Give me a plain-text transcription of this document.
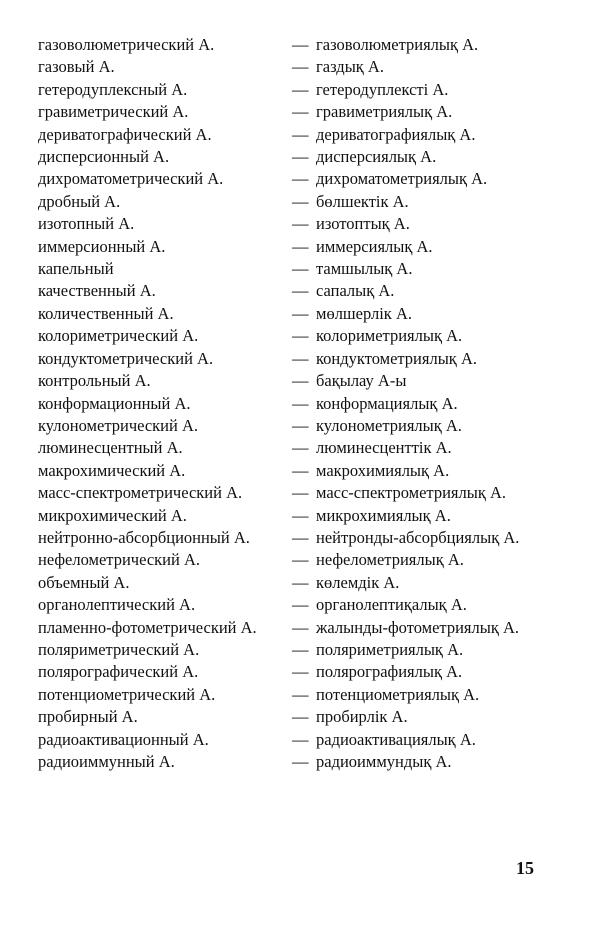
газоволюметрический А.	— газоволюметриялық А.
газовый А.	— газдық А.
гетеродуплексный А.	— гетеродуплексті А.
гравиметрический А.	— гравиметриялық А.
дериватографический А.	— дериватографиялық А.
дисперсионный А.	— дисперсиялық А.
дихроматометрический А.	— дихроматометриялық А.
дробный А.	— бөлшектік А.
изотопный А.	— изотоптық А.
иммерсионный А.	— иммерсиялық А.
капельный	— тамшылық А.
качественный А.	— сапалық А.
количественный А.	— мөлшерлік А.
колориметрический А.	— колориметриялық А.
кондуктометрический А.	— кондуктометриялық А.
контрольный А.	— бақылау А-ы
конформационный А.	— конформациялық А.
кулонометрический А.	— кулонометриялық А.
люминесцентный А.	— люминесценттік А.
макрохимический А.	— макрохимиялық А.
масс-спектрометрический А.	— масс-спектрометриялық А.
микрохимический А.	— микрохимиялық А.
нейтронно-абсорбционный А.	— нейтронды-абсорбциялық А.
нефелометрический А.	— нефелометриялық А.
объемный А.	— көлемдік А.
органолептический А.	— органолептиқалық А.
пламенно-фотометрический А.	— жалынды-фотометриялық А.
поляриметрический А.	— поляриметриялық А.
полярографический А.	— полярографиялық А.
потенциометрический А.	— потенциометриялық А.
пробирный А.	— пробирлік А.
радиоактивационный А.	— радиоактивациялық А.
радиоиммунный А.	— радиоиммундық А.
15
